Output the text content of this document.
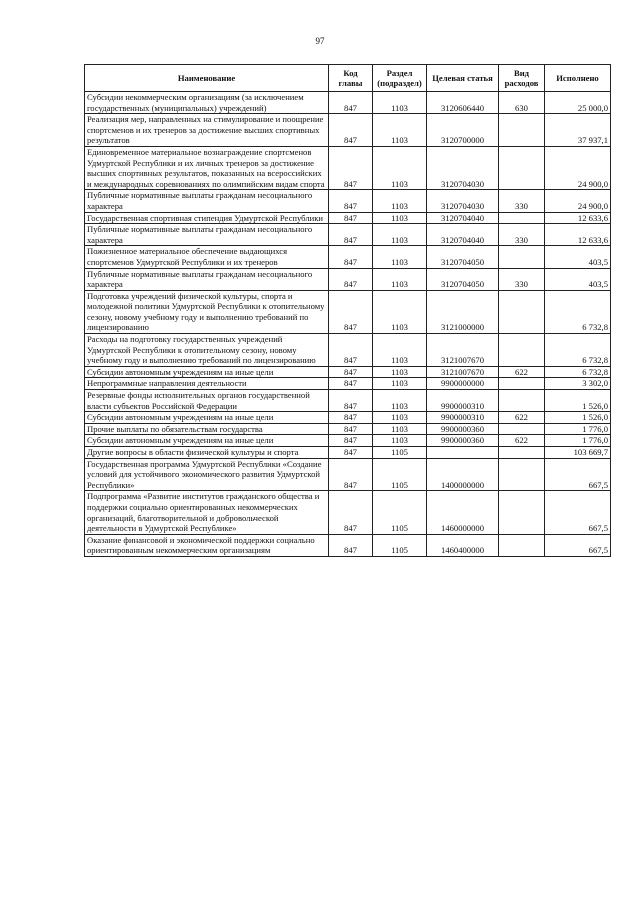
97
Наименование	Код главы	Раздел (подраздел)	Целевая статья	Вид расходов	Исполнено
Субсидии некоммерческим организациям (за исключением государственных (муниципальных) учреждений)	847	1103	3120606440	630	25 000,0
Реализация мер, направленных на стимулирование и поощрение спортсменов и их тренеров за достижение высших спортивных результатов	847	1103	3120700000		37 937,1
Единовременное материальное вознаграждение спортсменов Удмуртской Республики и их личных тренеров за достижение высших спортивных результатов, показанных на всероссийских и международных соревнованиях по олимпийским видам спорта	847	1103	3120704030		24 900,0
Публичные нормативные выплаты гражданам несоциального характера	847	1103	3120704030	330	24 900,0
Государственная спортивная стипендия Удмуртской Республики	847	1103	3120704040		12 633,6
Публичные нормативные выплаты гражданам несоциального характера	847	1103	3120704040	330	12 633,6
Пожизненное материальное обеспечение выдающихся спортсменов Удмуртской Республики и их тренеров	847	1103	3120704050		403,5
Публичные нормативные выплаты гражданам несоциального характера	847	1103	3120704050	330	403,5
Подготовка учреждений физической культуры, спорта и молодежной политики Удмуртской Республики к отопительному сезону, новому учебному году и выполнению требований по лицензированию	847	1103	3121000000		6 732,8
Расходы на подготовку государственных учреждений Удмуртской Республики к отопительному сезону, новому учебному году и выполнению требований по лицензированию	847	1103	3121007670		6 732,8
Субсидии автономным учреждениям на иные цели	847	1103	3121007670	622	6 732,8
Непрограммные направления деятельности	847	1103	9900000000		3 302,0
Резервные фонды исполнительных органов государственной власти субъектов Российской Федерации	847	1103	9900000310		1 526,0
Субсидии автономным учреждениям на иные цели	847	1103	9900000310	622	1 526,0
Прочие выплаты по обязательствам государства	847	1103	9900000360		1 776,0
Субсидии автономным учреждениям на иные цели	847	1103	9900000360	622	1 776,0
Другие вопросы в области физической культуры и спорта	847	1105			103 669,7
Государственная программа Удмуртской Республики «Создание условий для устойчивого экономического развития Удмуртской Республики»	847	1105	1400000000		667,5
Подпрограмма «Развитие институтов гражданского общества и поддержки социально ориентированных некоммерческих организаций, благотворительной и добровольческой деятельности в Удмуртской Республике»	847	1105	1460000000		667,5
Оказание финансовой и экономической поддержки социально ориентированным некоммерческим организациям	847	1105	1460400000		667,5
